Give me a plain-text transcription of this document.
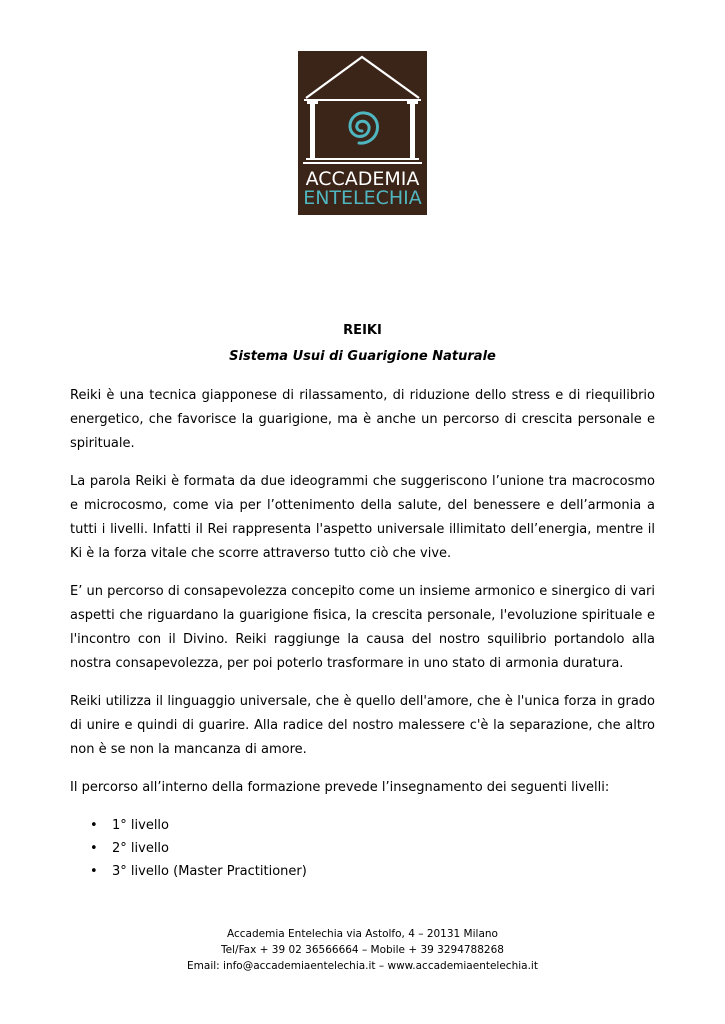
ACCADEMIA
ENTELECHIA
formazione e crescita

REIKI

Sistema Usui di Guarigione Naturale

Reiki è una tecnica giapponese di rilassamento, di riduzione dello stress e di riequilibrio energetico, che favorisce la guarigione, ma è anche un percorso di crescita personale e spirituale.

La parola Reiki è formata da due ideogrammi che suggeriscono l’unione tra macrocosmo e microcosmo, come via per l’ottenimento della salute, del benessere e dell’armonia a tutti i livelli. Infatti il Rei rappresenta l'aspetto universale illimitato dell’energia, mentre il Ki è la forza vitale che scorre attraverso tutto ciò che vive.

E’ un percorso di consapevolezza concepito come un insieme armonico e sinergico di vari aspetti che riguardano la guarigione fisica, la crescita personale, l'evoluzione spirituale e l'incontro con il Divino. Reiki raggiunge la causa del nostro squilibrio portandolo alla nostra consapevolezza, per poi poterlo trasformare in uno stato di armonia duratura.

Reiki utilizza il linguaggio universale, che è quello dell'amore, che è l'unica forza in grado di unire e quindi di guarire. Alla radice del nostro malessere c'è la separazione, che altro non è se non la mancanza di amore.

Il percorso all’interno della formazione prevede l’insegnamento dei seguenti livelli:

• 1° livello
• 2° livello
• 3° livello (Master Practitioner)
Accademia Entelechia via Astolfo, 4 – 20131 Milano
Tel/Fax + 39 02 36566664 – Mobile + 39 3294788268
Email: info@accademiaentelechia.it – www.accademiaentelechia.it
